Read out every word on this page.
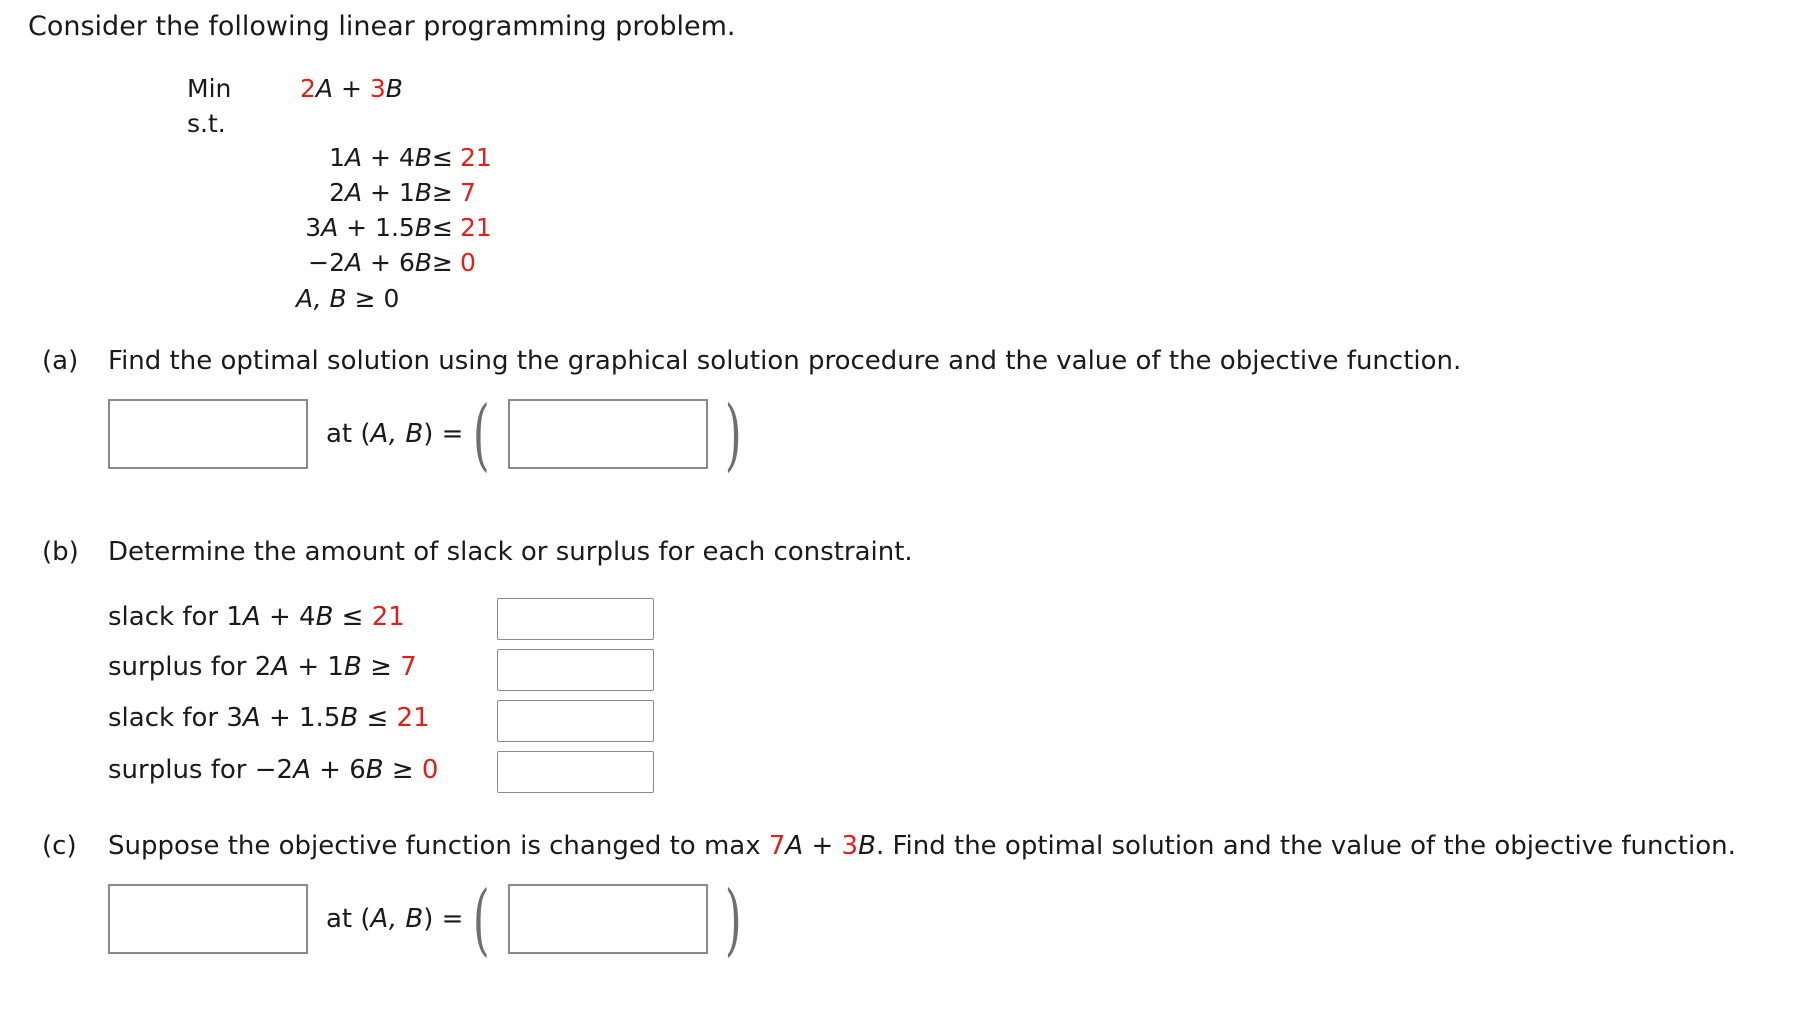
Consider the following linear programming problem.
Min
s.t.
2A + 3B
1A + 4B ≤ 21
2A + 1B ≥ 7
3A + 1.5B ≤ 21
−2A + 6B ≥ 0
A, B ≥ 0
(a) Find the optimal solution using the graphical solution procedure and the value of the objective function.
at (A, B) = (	)
(b) Determine the amount of slack or surplus for each constraint.
slack for 1A + 4B ≤ 21
surplus for 2A + 1B ≥ 7
slack for 3A + 1.5B ≤ 21
surplus for −2A + 6B ≥ 0
(c) Suppose the objective function is changed to max 7A + 3B. Find the optimal solution and the value of the objective function.
at (A, B) = (	)
